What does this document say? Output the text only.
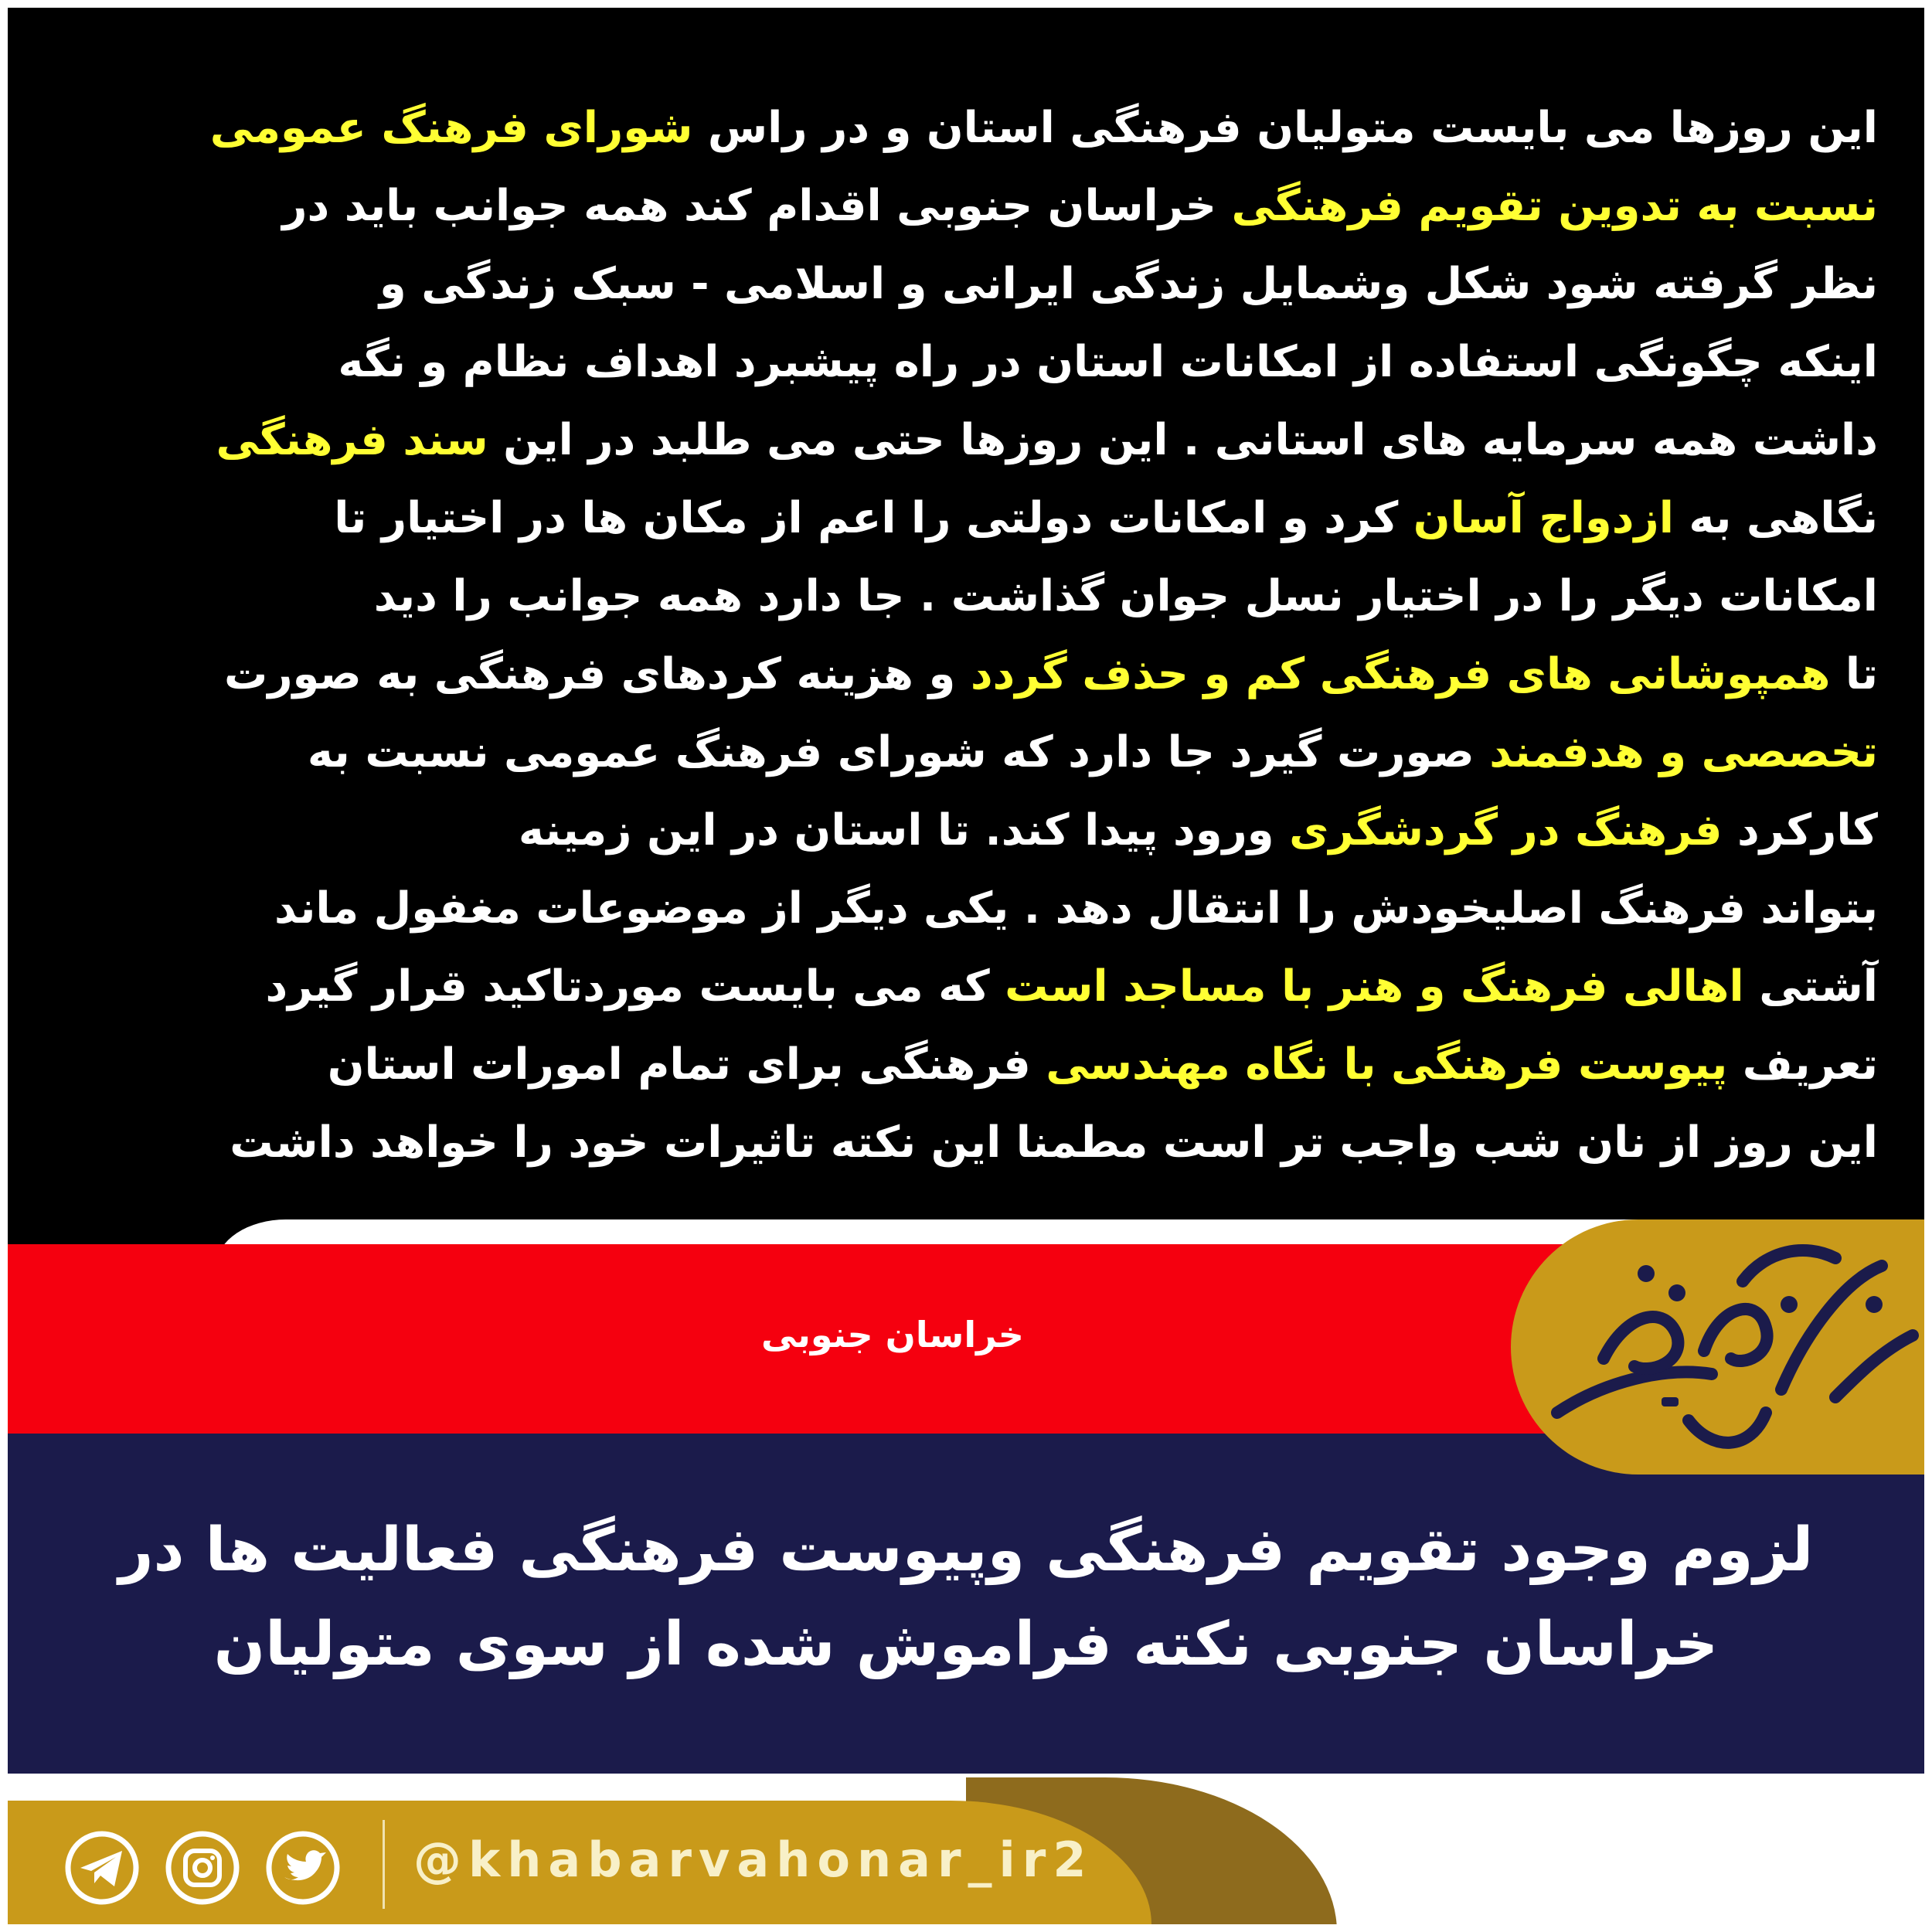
این روزها می بایست متولیان فرهنگی استان و در راس شورای فرهنگ عمومی
نسبت به تدوین تقویم فرهنگی خراسان جنوبی اقدام کند همه جوانب باید در
نظر گرفته شود شکل وشمایل زندگی ایرانی و اسلامی - سبک زندگی و
اینکه چگونگی استفاده از امکانات استان در راه پیشبرد اهداف نظام و نگه
داشت همه سرمایه های استانی . این روزها حتی می طلبد در این سند فرهنگی
نگاهی به ازدواج آسان کرد و امکانات دولتی را اعم از مکان ها در اختیار تا
امکانات دیگر را در اختیار نسل جوان گذاشت . جا دارد همه جوانب را دید
تا همپوشانی های فرهنگی کم و حذف گردد و هزینه کردهای فرهنگی به صورت
تخصصی و هدفمند صورت گیرد جا دارد که شورای فرهنگ عمومی نسبت به
کارکرد فرهنگ در گردشگری ورود پیدا کند. تا استان در این زمینه
بتواند فرهنگ اصلیخودش را انتقال دهد . یکی دیگر از موضوعات مغفول ماند
آشتی اهالی فرهنگ و هنر با مساجد است که می بایست موردتاکید قرار گیرد
تعریف پیوست فرهنگی با نگاه مهندسی فرهنگی برای تمام امورات استان
این روز از نان شب واجب تر است مطمنا این نکته تاثیرات خود را خواهد داشت
خراسان جنوبی
لزوم وجود تقویم فرهنگی وپیوست فرهنگی فعالیت ها در
خراسان جنوبی نکته فراموش شده از سوی متولیان
@khabarvahonar_ir2
